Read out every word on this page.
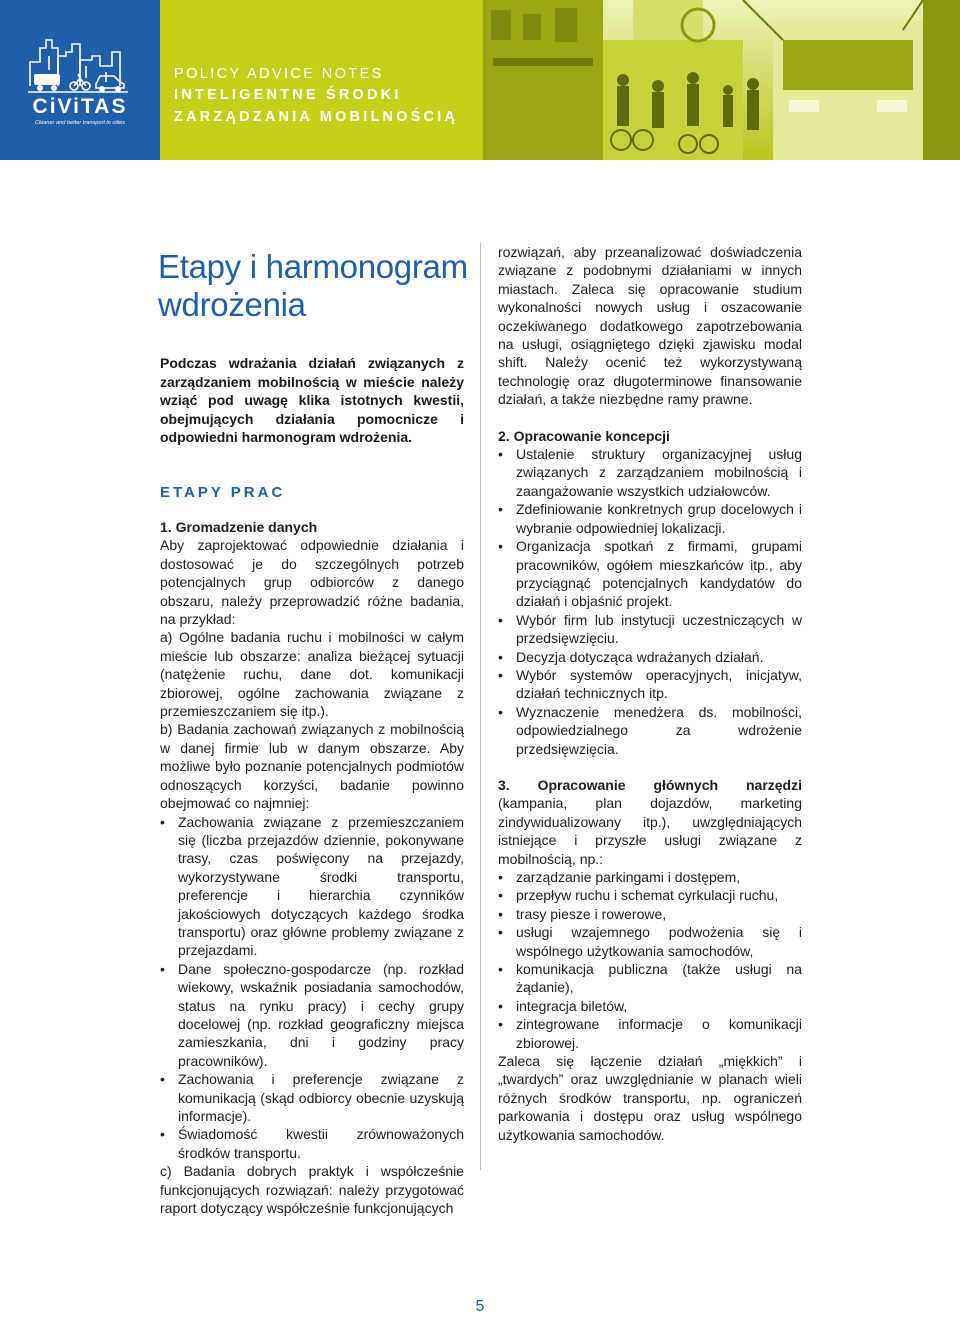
CiViTAS
Cleaner and better transport in cities
POLICY ADVICE NOTES
INTELIGENTNE ŚRODKI
ZARZĄDZANIA MOBILNOŚCIĄ
Etapy i harmonogram
wdrożenia

Podczas wdrażania działań związanych z zarządzaniem mobilnością w mieście należy wziąć pod uwagę klika istotnych kwestii, obejmujących działania pomocnicze i odpowiedni harmonogram wdrożenia.

ETAPY PRAC

1. Gromadzenie danych

Aby zaprojektować odpowiednie działania i dostosować je do szczególnych potrzeb potencjalnych grup odbiorców z danego obszaru, należy przeprowadzić różne badania, na przykład:

a) Ogólne badania ruchu i mobilności w całym mieście lub obszarze: analiza bieżącej sytuacji (natężenie ruchu, dane dot. komunikacji zbiorowej, ogólne zachowania związane z przemieszczaniem się itp.).

b) Badania zachowań związanych z mobilnością w danej firmie lub w danym obszarze. Aby możliwe było poznanie potencjalnych podmiotów odnoszących korzyści, badanie powinno obejmować co najmniej:

• Zachowania związane z przemieszczaniem się (liczba przejazdów dziennie, pokonywane trasy, czas poświęcony na przejazdy, wykorzystywane środki transportu, preferencje i hierarchia czynników jakościowych dotyczących każdego środka transportu) oraz główne problemy związane z przejazdami.
• Dane społeczno-gospodarcze (np. rozkład wiekowy, wskaźnik posiadania samochodów, status na rynku pracy) i cechy grupy docelowej (np. rozkład geograficzny miejsca zamieszkania, dni i godziny pracy pracowników).
• Zachowania i preferencje związane z komunikacją (skąd odbiorcy obecnie uzyskują informacje).
• Świadomość kwestii zrównoważonych środków transportu.

c) Badania dobrych praktyk i współcześnie funkcjonujących rozwiązań: należy przygotować raport dotyczący współcześnie funkcjonujących

rozwiązań, aby przeanalizować doświadczenia związane z podobnymi działaniami w innych miastach. Zaleca się opracowanie studium wykonalności nowych usług i oszacowanie oczekiwanego dodatkowego zapotrzebowania na usługi, osiągniętego dzięki zjawisku modal shift. Należy ocenić też wykorzystywaną technologię oraz długoterminowe finansowanie działań, a także niezbędne ramy prawne.

2. Opracowanie koncepcji

• Ustalenie struktury organizacyjnej usług związanych z zarządzaniem mobilnością i zaangażowanie wszystkich udziałowców.
• Zdefiniowanie konkretnych grup docelowych i wybranie odpowiedniej lokalizacji.
• Organizacja spotkań z firmami, grupami pracowników, ogółem mieszkańców itp., aby przyciągnąć potencjalnych kandydatów do działań i objaśnić projekt.
• Wybór firm lub instytucji uczestniczących w przedsięwzięciu.
• Decyzja dotycząca wdrażanych działań.
• Wybór systemów operacyjnych, inicjatyw, działań technicznych itp.
• Wyznaczenie menedżera ds. mobilności, odpowiedzialnego za wdrożenie przedsięwzięcia.

3. Opracowanie głównych narzędzi (kampania, plan dojazdów, marketing zindywidualizowany itp.), uwzględniających istniejące i przyszłe usługi związane z mobilnością, np.:

• zarządzanie parkingami i dostępem,
• przepływ ruchu i schemat cyrkulacji ruchu,
• trasy piesze i rowerowe,
• usługi wzajemnego podwożenia się i wspólnego użytkowania samochodów,
• komunikacja publiczna (także usługi na żądanie),
• integracja biletów,
• zintegrowane informacje o komunikacji zbiorowej.

Zaleca się łączenie działań „miękkich” i „twardych” oraz uwzględnianie w planach wieli różnych środków transportu, np. ograniczeń parkowania i dostępu oraz usług wspólnego użytkowania samochodów.

5
